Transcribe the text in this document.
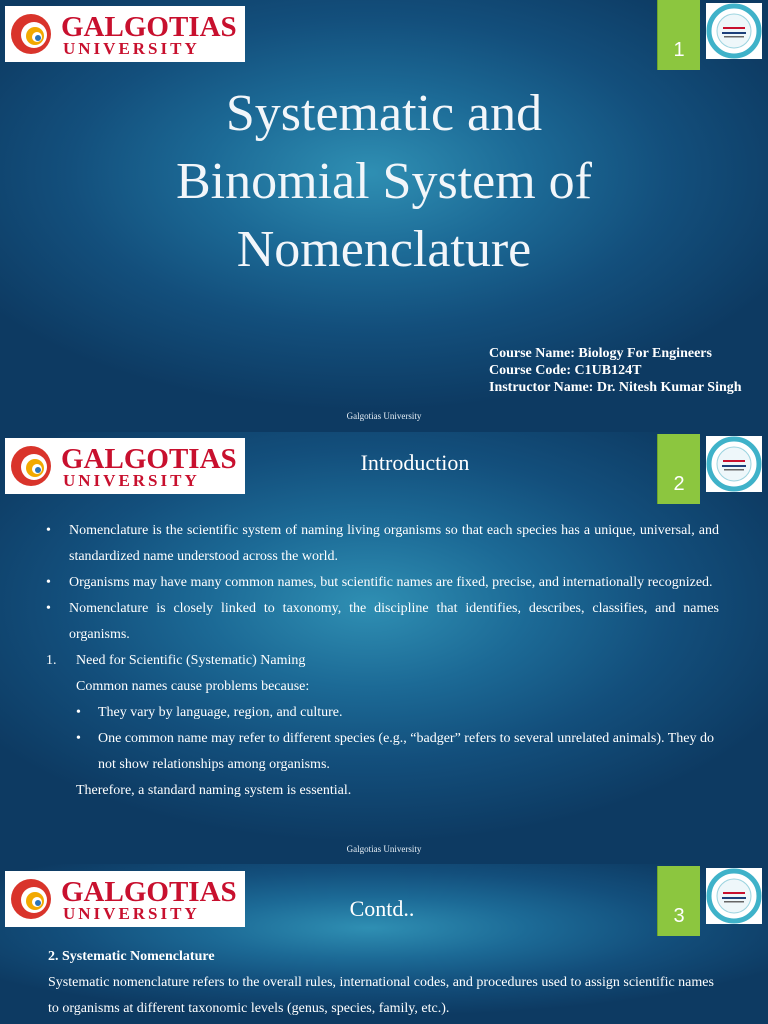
GALGOTIAS
UNIVERSITY	1
Systematic and
Binomial System of
Nomenclature
Course Name: Biology For Engineers
Course Code: C1UB124T
Instructor Name: Dr. Nitesh Kumar Singh
Galgotias University
GALGOTIAS
UNIVERSITY
Introduction
2
• Nomenclature is the scientific system of naming living organisms so that each species has a unique, universal, and standardized name understood across the world.
• Organisms may have many common names, but scientific names are fixed, precise, and internationally recognized.
• Nomenclature is closely linked to taxonomy, the discipline that identifies, describes, classifies, and names organisms.
1. Need for Scientific (Systematic) Naming
Common names cause problems because:
• They vary by language, region, and culture.
• One common name may refer to different species (e.g., “badger” refers to several unrelated animals). They do not show relationships among organisms.
Therefore, a standard naming system is essential.
Galgotias University
GALGOTIAS
UNIVERSITY	Contd..	3
2. Systematic Nomenclature
Systematic nomenclature refers to the overall rules, international codes, and procedures used to assign scientific names to organisms at different taxonomic levels (genus, species, family, etc.).
